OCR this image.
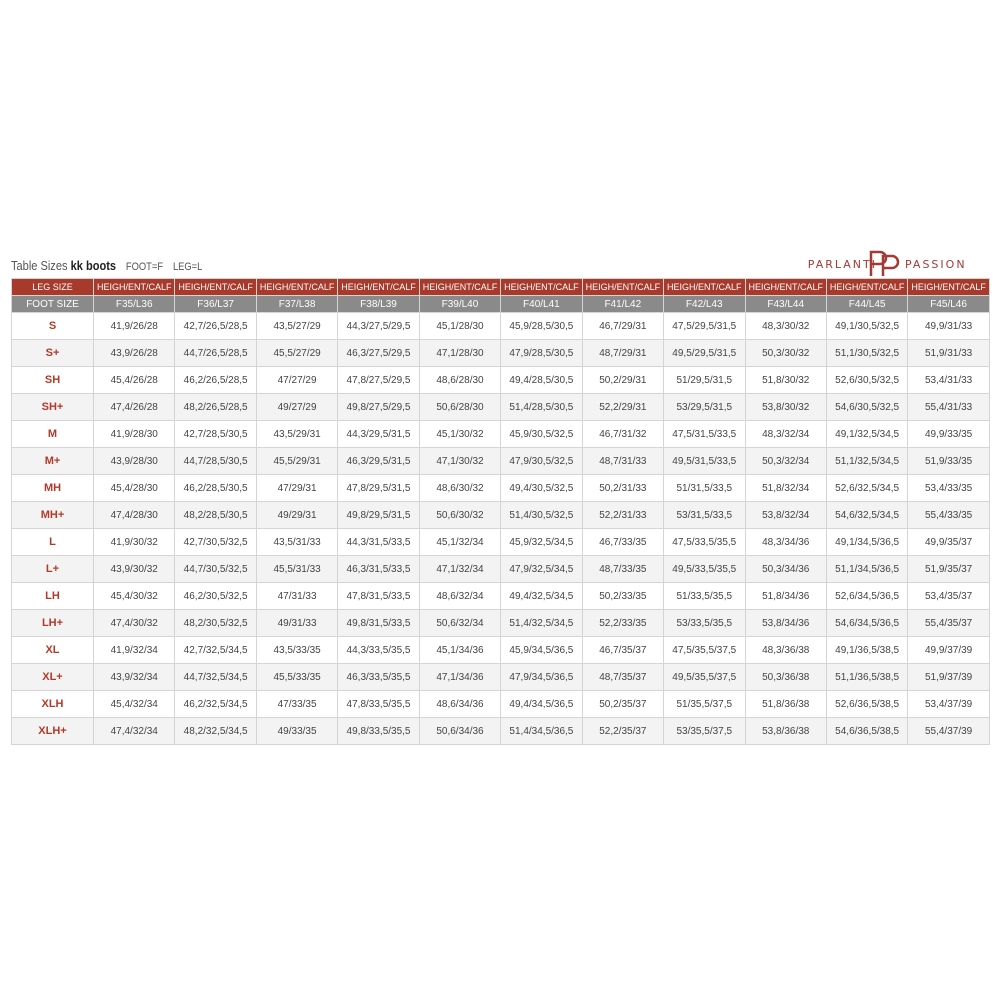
Table Sizes kk boots FOOT=F LEG=L	PARLANTI	PASSION
LEG SIZE	HEIGH/ENT/CALF	HEIGH/ENT/CALF	HEIGH/ENT/CALF	HEIGH/ENT/CALF	HEIGH/ENT/CALF	HEIGH/ENT/CALF	HEIGH/ENT/CALF	HEIGH/ENT/CALF	HEIGH/ENT/CALF	HEIGH/ENT/CALF	HEIGH/ENT/CALF
FOOT SIZE	F35/L36	F36/L37	F37/L38	F38/L39	F39/L40	F40/L41	F41/L42	F42/L43	F43/L44	F44/L45	F45/L46
S	41,9/26/28	42,7/26,5/28,5	43,5/27/29	44,3/27,5/29,5	45,1/28/30	45,9/28,5/30,5	46,7/29/31	47,5/29,5/31,5	48,3/30/32	49,1/30,5/32,5	49,9/31/33
S+	43,9/26/28	44,7/26,5/28,5	45,5/27/29	46,3/27,5/29,5	47,1/28/30	47,9/28,5/30,5	48,7/29/31	49,5/29,5/31,5	50,3/30/32	51,1/30,5/32,5	51,9/31/33
SH	45,4/26/28	46,2/26,5/28,5	47/27/29	47,8/27,5/29,5	48,6/28/30	49,4/28,5/30,5	50,2/29/31	51/29,5/31,5	51,8/30/32	52,6/30,5/32,5	53,4/31/33
SH+	47,4/26/28	48,2/26,5/28,5	49/27/29	49,8/27,5/29,5	50,6/28/30	51,4/28,5/30,5	52,2/29/31	53/29,5/31,5	53,8/30/32	54,6/30,5/32,5	55,4/31/33
M	41,9/28/30	42,7/28,5/30,5	43,5/29/31	44,3/29,5/31,5	45,1/30/32	45,9/30,5/32,5	46,7/31/32	47,5/31,5/33,5	48,3/32/34	49,1/32,5/34,5	49,9/33/35
M+	43,9/28/30	44,7/28,5/30,5	45,5/29/31	46,3/29,5/31,5	47,1/30/32	47,9/30,5/32,5	48,7/31/33	49,5/31,5/33,5	50,3/32/34	51,1/32,5/34,5	51,9/33/35
MH	45,4/28/30	46,2/28,5/30,5	47/29/31	47,8/29,5/31,5	48,6/30/32	49,4/30,5/32,5	50,2/31/33	51/31,5/33,5	51,8/32/34	52,6/32,5/34,5	53,4/33/35
MH+	47,4/28/30	48,2/28,5/30,5	49/29/31	49,8/29,5/31,5	50,6/30/32	51,4/30,5/32,5	52,2/31/33	53/31,5/33,5	53,8/32/34	54,6/32,5/34,5	55,4/33/35
L	41,9/30/32	42,7/30,5/32,5	43,5/31/33	44,3/31,5/33,5	45,1/32/34	45,9/32,5/34,5	46,7/33/35	47,5/33,5/35,5	48,3/34/36	49,1/34,5/36,5	49,9/35/37
L+	43,9/30/32	44,7/30,5/32,5	45,5/31/33	46,3/31,5/33,5	47,1/32/34	47,9/32,5/34,5	48,7/33/35	49,5/33,5/35,5	50,3/34/36	51,1/34,5/36,5	51,9/35/37
LH	45,4/30/32	46,2/30,5/32,5	47/31/33	47,8/31,5/33,5	48,6/32/34	49,4/32,5/34,5	50,2/33/35	51/33,5/35,5	51,8/34/36	52,6/34,5/36,5	53,4/35/37
LH+	47,4/30/32	48,2/30,5/32,5	49/31/33	49,8/31,5/33,5	50,6/32/34	51,4/32,5/34,5	52,2/33/35	53/33,5/35,5	53,8/34/36	54,6/34,5/36,5	55,4/35/37
XL	41,9/32/34	42,7/32,5/34,5	43,5/33/35	44,3/33,5/35,5	45,1/34/36	45,9/34,5/36,5	46,7/35/37	47,5/35,5/37,5	48,3/36/38	49,1/36,5/38,5	49,9/37/39
XL+	43,9/32/34	44,7/32,5/34,5	45,5/33/35	46,3/33,5/35,5	47,1/34/36	47,9/34,5/36,5	48,7/35/37	49,5/35,5/37,5	50,3/36/38	51,1/36,5/38,5	51,9/37/39
XLH	45,4/32/34	46,2/32,5/34,5	47/33/35	47,8/33,5/35,5	48,6/34/36	49,4/34,5/36,5	50,2/35/37	51/35,5/37,5	51,8/36/38	52,6/36,5/38,5	53,4/37/39
XLH+	47,4/32/34	48,2/32,5/34,5	49/33/35	49,8/33,5/35,5	50,6/34/36	51,4/34,5/36,5	52,2/35/37	53/35,5/37,5	53,8/36/38	54,6/36,5/38,5	55,4/37/39
